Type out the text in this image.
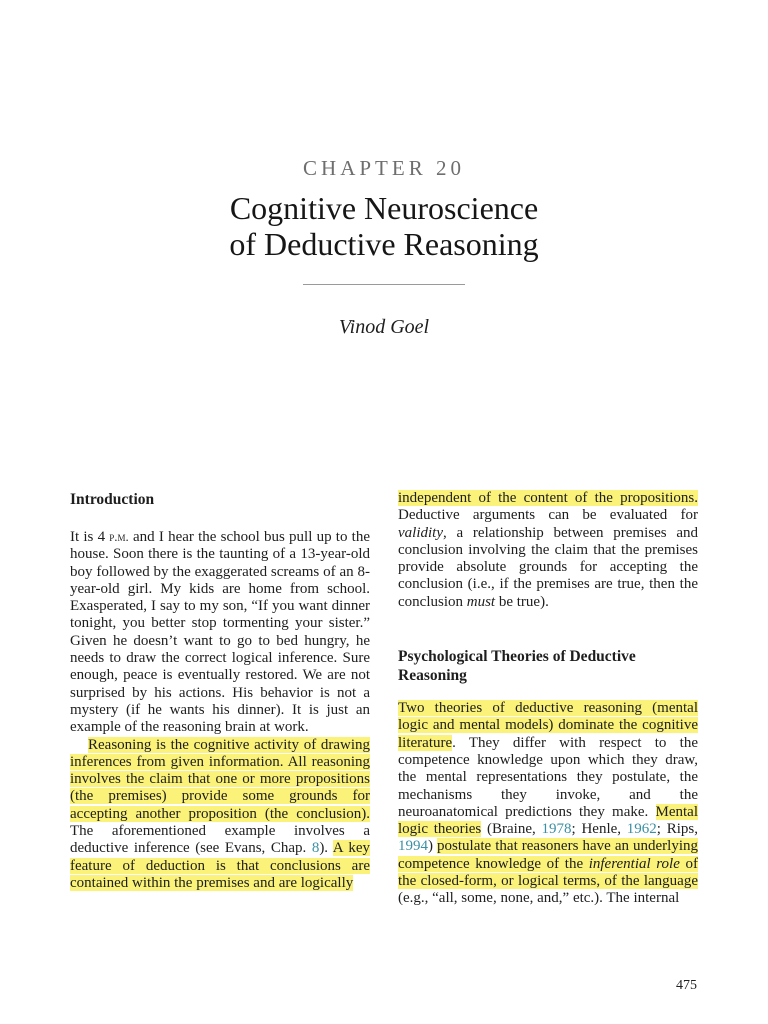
CHAPTER 20
Cognitive Neuroscience
of Deductive Reasoning
Vinod Goel
Introduction

It is 4 p.m. and I hear the school bus pull up to the house. Soon there is the taunting of a 13-year-old boy followed by the exaggerated screams of an 8-year-old girl. My kids are home from school. Exasperated, I say to my son, “If you want dinner tonight, you better stop tormenting your sister.” Given he doesn’t want to go to bed hungry, he needs to draw the correct logical inference. Sure enough, peace is eventually restored. We are not surprised by his actions. His behavior is not a mystery (if he wants his dinner). It is just an example of the reasoning brain at work.

Reasoning is the cognitive activity of drawing inferences from given information. All reasoning involves the claim that one or more propositions (the premises) provide some grounds for accepting another proposition (the conclusion). The aforementioned example involves a deductive inference (see Evans, Chap. 8). A key feature of deduction is that conclusions are contained within the premises and are logically

independent of the content of the propositions. Deductive arguments can be evaluated for validity, a relationship between premises and conclusion involving the claim that the premises provide absolute grounds for accepting the conclusion (i.e., if the premises are true, then the conclusion must be true).

Psychological Theories of Deductive Reasoning

Two theories of deductive reasoning (mental logic and mental models) dominate the cognitive literature. They differ with respect to the competence knowledge upon which they draw, the mental representations they postulate, the mechanisms they invoke, and the neuroanatomical predictions they make. Mental logic theories (Braine, 1978; Henle, 1962; Rips, 1994) postulate that reasoners have an underlying competence knowledge of the inferential role of the closed-form, or logical terms, of the language (e.g., “all, some, none, and,” etc.). The internal

475
